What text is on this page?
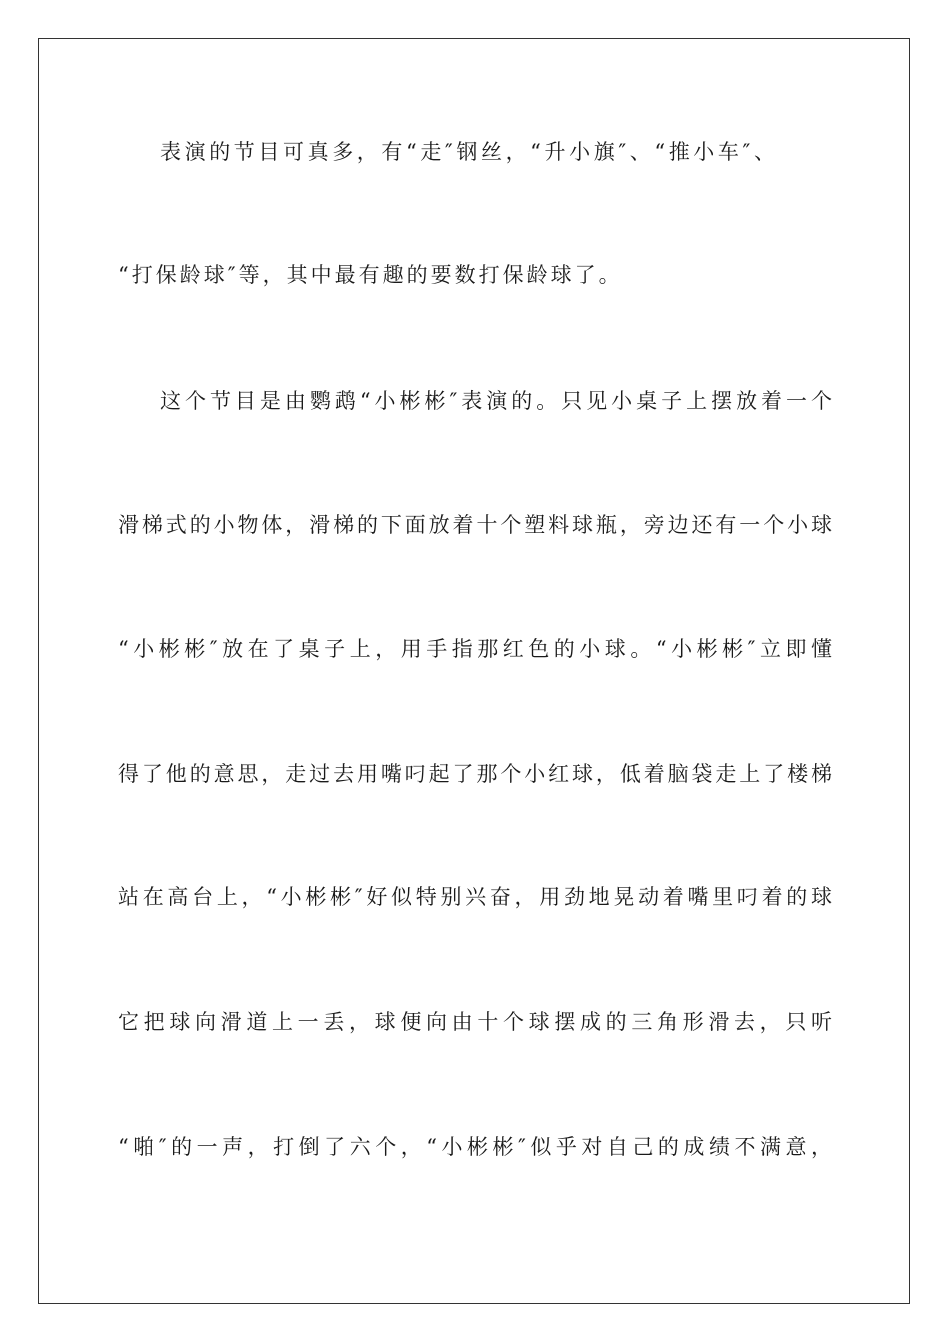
表演的节目可真多，有“走″钢丝，“升小旗″、“推小车″、
“打保龄球″等，其中最有趣的要数打保龄球了。
这个节目是由鹦鹉“小彬彬″表演的。只见小桌子上摆放着一个
滑梯式的小物体，滑梯的下面放着十个塑料球瓶，旁边还有一个小球
“小彬彬″放在了桌子上，用手指那红色的小球。“小彬彬″立即懂
得了他的意思，走过去用嘴叼起了那个小红球，低着脑袋走上了楼梯
站在高台上，“小彬彬″好似特别兴奋，用劲地晃动着嘴里叼着的球
它把球向滑道上一丢，球便向由十个球摆成的三角形滑去，只听
“啪″的一声，打倒了六个，“小彬彬″似乎对自己的成绩不满意，
